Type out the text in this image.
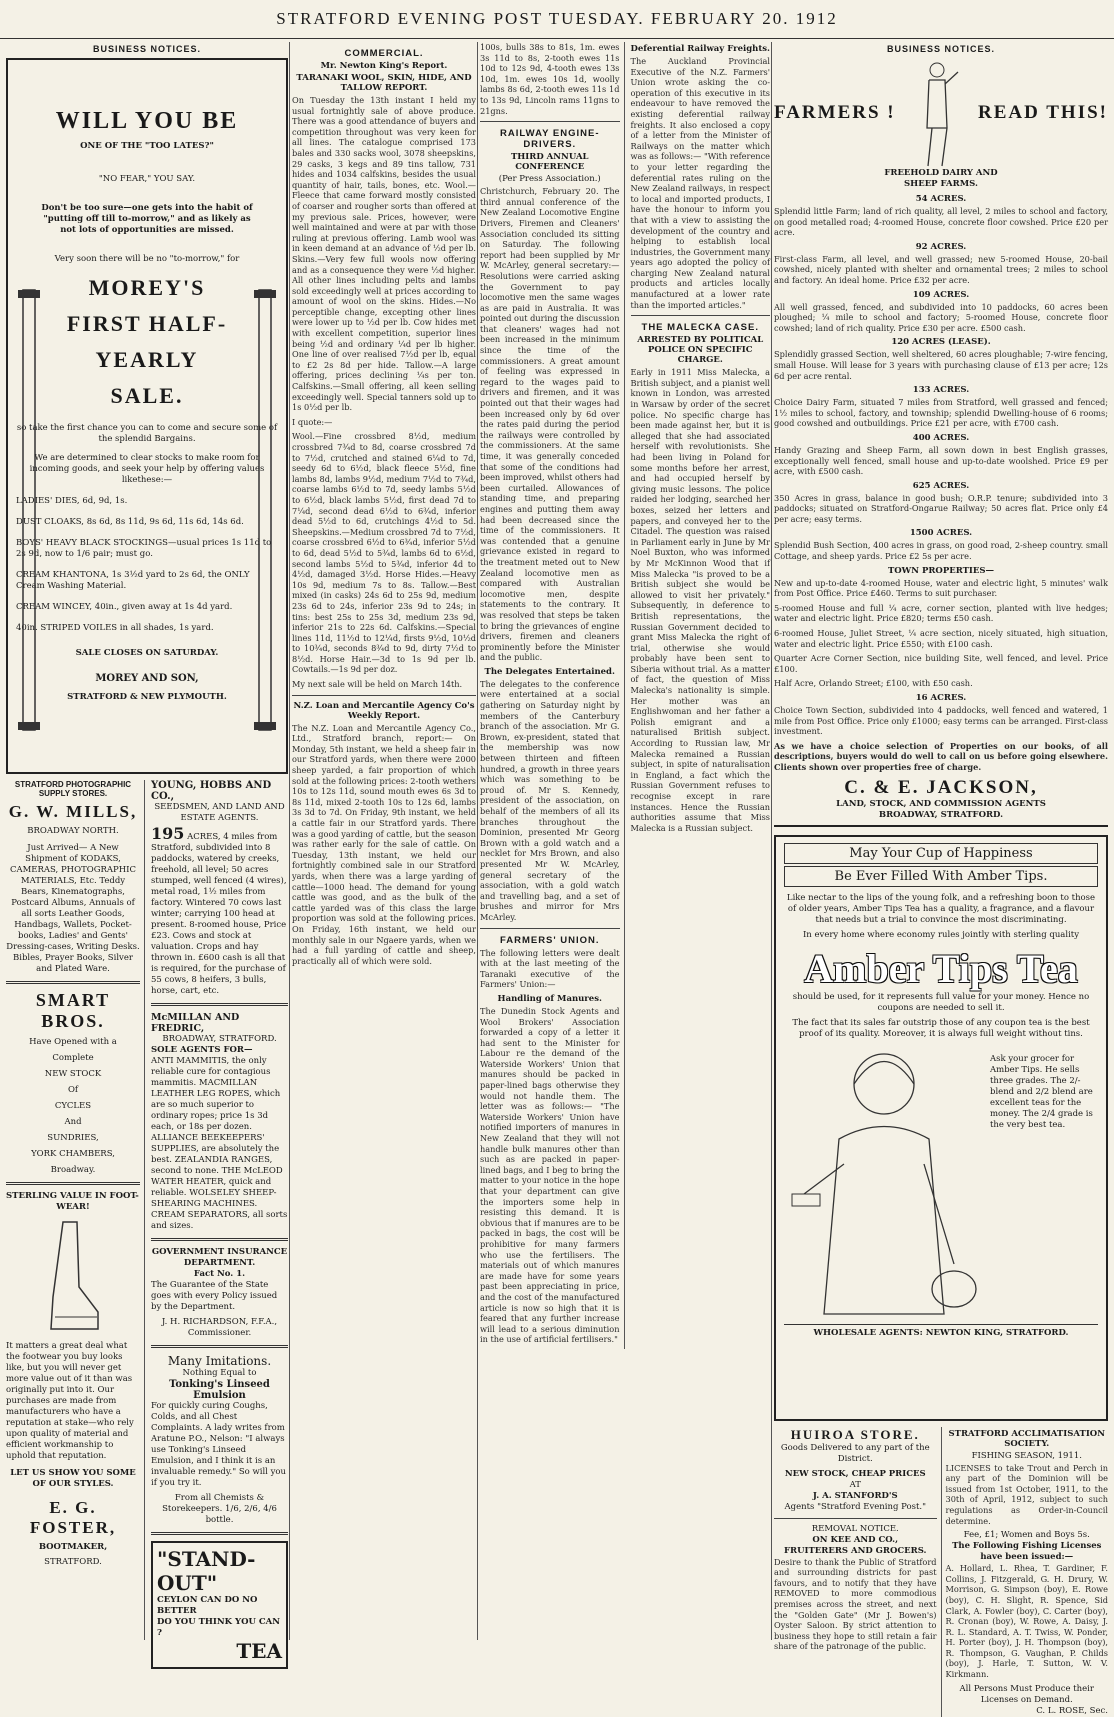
STRATFORD EVENING POST TUESDAY. FEBRUARY 20. 1912
BUSINESS NOTICES.
WILL YOU BE
ONE OF THE "TOO LATES?"
"NO FEAR," YOU SAY.
Don't be too sure—one gets into the habit of "putting off till to-morrow," and as likely as not lots of opportunities are missed.
Very soon there will be no "to-morrow," for
MOREY'S
FIRST HALF-
YEARLY
SALE.

so take the first chance you can to come and secure some of the splendid Bargains.

We are determined to clear stocks to make room for incoming goods, and seek your help by offering values likethese:—

LADIES' DIES, 6d, 9d, 1s.
DUST CLOAKS, 8s 6d, 8s 11d, 9s 6d, 11s 6d, 14s 6d.
BOYS' HEAVY BLACK STOCKINGS—usual prices 1s 11d to 2s 9d, now to 1/6 pair; must go.
CREAM KHANTONA, 1s 3½d yard to 2s 6d, the ONLY Cream Washing Material.
CREAM WINCEY, 40in., given away at 1s 4d yard.
40in. STRIPED VOILES in all shades, 1s yard.
SALE CLOSES ON SATURDAY.
MOREY AND SON,
STRATFORD & NEW PLYMOUTH.
STRATFORD PHOTOGRAPHIC SUPPLY STORES.
G. W. MILLS,
BROADWAY NORTH.

Just Arrived— A New Shipment of KODAKS, CAMERAS, PHOTOGRAPHIC MATERIALS, Etc. Teddy Bears, Kinematographs, Postcard Albums, Annuals of all sorts Leather Goods, Handbags, Wallets, Pocket-books, Ladies' and Gents' Dressing-cases, Writing Desks. Bibles, Prayer Books, Silver and Plated Ware.

SMART BROS.
Have Opened with a
Complete
NEW STOCK
Of
CYCLES
And
SUNDRIES,
YORK CHAMBERS,
Broadway.
STERLING VALUE IN FOOT-
WEAR!

It matters a great deal what the footwear you buy looks like, but you will never get more value out of it than was originally put into it. Our purchases are made from manufacturers who have a reputation at stake—who rely upon quality of material and efficient workmanship to uphold that reputation.

LET US SHOW YOU SOME OF OUR STYLES.
E. G. FOSTER,
BOOTMAKER,
STRATFORD.
YOUNG, HOBBS AND CO.,
SEEDSMEN, AND LAND AND ESTATE AGENTS.

195 ACRES, 4 miles from Stratford, subdivided into 8 paddocks, watered by creeks, freehold, all level; 50 acres stumped, well fenced (4 wires), metal road, 1½ miles from factory. Wintered 70 cows last winter; carrying 100 head at present. 8-roomed house, Price £23. Cows and stock at valuation. Crops and hay thrown in. £600 cash is all that is required, for the purchase of 55 cows, 8 heifers, 3 bulls, horse, cart, etc.

McMILLAN AND FREDRIC,
BROADWAY, STRATFORD.
SOLE AGENTS FOR—

ANTI MAMMITIS, the only reliable cure for contagious mammitis. MACMILLAN LEATHER LEG ROPES, which are so much superior to ordinary ropes; price 1s 3d each, or 18s per dozen. ALLIANCE BEEKEEPERS' SUPPLIES, are absolutely the best. ZEALANDIA RANGES, second to none. THE McLEOD WATER HEATER, quick and reliable. WOLSELEY SHEEP-SHEARING MACHINES. CREAM SEPARATORS, all sorts and sizes.

GOVERNMENT INSURANCE DEPARTMENT.
Fact No. 1.

The Guarantee of the State goes with every Policy issued by the Department.

J. H. RICHARDSON, F.F.A.,
Commissioner.
Many Imitations.
Nothing Equal to
Tonking's Linseed Emulsion

For quickly curing Coughs, Colds, and all Chest Complaints. A lady writes from Aratune P.O., Nelson: "I always use Tonking's Linseed Emulsion, and I think it is an invaluable remedy." So will you if you try it.

From all Chemists & Storekeepers. 1/6, 2/6, 4/6 bottle.
"STAND-
OUT"
CEYLON CAN DO NO BETTER
DO YOU THINK YOU CAN ?
TEA
COMMERCIAL.
Mr. Newton King's Report.
TARANAKI WOOL, SKIN, HIDE, AND TALLOW REPORT.

On Tuesday the 13th instant I held my usual fortnightly sale of above produce. There was a good attendance of buyers and competition throughout was very keen for all lines. The catalogue comprised 173 bales and 330 sacks wool, 3078 sheepskins, 29 casks, 3 kegs and 89 tins tallow, 731 hides and 1034 calfskins, besides the usual quantity of hair, tails, bones, etc. Wool.—Fleece that came forward mostly consisted of coarser and rougher sorts than offered at my previous sale. Prices, however, were well maintained and were at par with those ruling at previous offering. Lamb wool was in keen demand at an advance of ½d per lb. Skins.—Very few full wools now offering and as a consequence they were ½d higher. All other lines including pelts and lambs sold exceedingly well at prices according to amount of wool on the skins. Hides.—No perceptible change, excepting other lines were lower up to ½d per lb. Cow hides met with excellent competition, superior lines being ½d and ordinary ¼d per lb higher. One line of over realised 7½d per lb, equal to £2 2s 8d per hide. Tallow.—A large offering, prices declining ¼s per ton. Calfskins.—Small offering, all keen selling exceedingly well. Special tanners sold up to 1s 0½d per lb.

I quote:—

Wool.—Fine crossbred 8½d, medium crossbred 7¾d to 8d, coarse crossbred 7d to 7½d, crutched and stained 6¼d to 7d, seedy 6d to 6½d, black fleece 5½d, fine lambs 8d, lambs 9½d, medium 7½d to 7¾d, coarse lambs 6½d to 7d, seedy lambs 5½d to 6½d, black lambs 5½d, first dead 7d to 7¼d, second dead 6½d to 6¾d, inferior dead 5½d to 6d, crutchings 4½d to 5d. Sheepskins.—Medium crossbred 7d to 7½d, coarse crossbred 6½d to 6¾d, inferior 5½d to 6d, dead 5½d to 5¾d, lambs 6d to 6½d, second lambs 5½d to 5¾d, inferior 4d to 4½d, damaged 3½d. Horse Hides.—Heavy 10s 9d, medium 7s to 8s. Tallow.—Best mixed (in casks) 24s 6d to 25s 9d, medium 23s 6d to 24s, inferior 23s 9d to 24s; in tins: best 25s to 25s 3d, medium 23s 9d, inferior 21s to 22s 6d. Calfskins.—Special lines 11d, 11½d to 12¼d, firsts 9½d, 10½d to 10¾d, seconds 8¾d to 9d, dirty 7½d to 8½d. Horse Hair.—3d to 1s 9d per lb. Cowtails.—1s 9d per doz.

My next sale will be held on March 14th.

N.Z. Loan and Mercantile Agency Co's Weekly Report.

The N.Z. Loan and Mercantile Agency Co., Ltd., Stratford branch, report:— On Monday, 5th instant, we held a sheep fair in our Stratford yards, when there were 2000 sheep yarded, a fair proportion of which sold at the following prices: 2-tooth wethers 10s to 12s 11d, sound mouth ewes 6s 3d to 8s 11d, mixed 2-tooth 10s to 12s 6d, lambs 3s 3d to 7d. On Friday, 9th instant, we held a cattle fair in our Stratford yards. There was a good yarding of cattle, but the season was rather early for the sale of cattle. On Tuesday, 13th instant, we held our fortnightly combined sale in our Stratford yards, when there was a large yarding of cattle—1000 head. The demand for young cattle was good, and as the bulk of the cattle yarded was of this class the large proportion was sold at the following prices. On Friday, 16th instant, we held our monthly sale in our Ngaere yards, when we had a full yarding of cattle and sheep, practically all of which were sold.

100s, bulls 38s to 81s, 1m. ewes 3s 11d to 8s, 2-tooth ewes 11s 10d to 12s 9d, 4-tooth ewes 13s 10d, 1m. ewes 10s 1d, woolly lambs 8s 6d, 2-tooth ewes 11s 1d to 13s 9d, Lincoln rams 11gns to 21gns.

RAILWAY ENGINE-DRIVERS.
THIRD ANNUAL CONFERENCE
(Per Press Association.)

Christchurch, February 20. The third annual conference of the New Zealand Locomotive Engine Drivers, Firemen and Cleaners' Association concluded its sitting on Saturday. The following report had been supplied by Mr W. McArley, general secretary:— Resolutions were carried asking the Government to pay locomotive men the same wages as are paid in Australia. It was pointed out during the discussion that cleaners' wages had not been increased in the minimum since the time of the commissioners. A great amount of feeling was expressed in regard to the wages paid to drivers and firemen, and it was pointed out that their wages had been increased only by 6d over the rates paid during the period the railways were controlled by the commissioners. At the same time, it was generally conceded that some of the conditions had been improved, whilst others had been curtailed. Allowances of standing time, and preparing engines and putting them away had been decreased since the time of the commissioners. It was contended that a genuine grievance existed in regard to the treatment meted out to New Zealand locomotive men as compared with Australian locomotive men, despite statements to the contrary. It was resolved that steps be taken to bring the grievances of engine drivers, firemen and cleaners prominently before the Minister and the public.

The Delegates Entertained.

The delegates to the conference were entertained at a social gathering on Saturday night by members of the Canterbury branch of the association. Mr G. Brown, ex-president, stated that the membership was now between thirteen and fifteen hundred, a growth in three years which was something to be proud of. Mr S. Kennedy, president of the association, on behalf of the members of all its branches throughout the Dominion, presented Mr Georg Brown with a gold watch and a necklet for Mrs Brown, and also presented Mr W. McArley, general secretary of the association, with a gold watch and travelling bag, and a set of brushes and mirror for Mrs McArley.

FARMERS' UNION.

The following letters were dealt with at the last meeting of the Taranaki executive of the Farmers' Union:—

Handling of Manures.

The Dunedin Stock Agents and Wool Brokers' Association forwarded a copy of a letter it had sent to the Minister for Labour re the demand of the Waterside Workers' Union that manures should be packed in paper-lined bags otherwise they would not handle them. The letter was as follows:— "The Waterside Workers' Union have notified importers of manures in New Zealand that they will not handle bulk manures other than such as are packed in paper-lined bags, and I beg to bring the matter to your notice in the hope that your department can give the importers some help in resisting this demand. It is obvious that if manures are to be packed in bags, the cost will be prohibitive for many farmers who use the fertilisers. The materials out of which manures are made have for some years past been appreciating in price, and the cost of the manufactured article is now so high that it is feared that any further increase will lead to a serious diminution in the use of artificial fertilisers."

Deferential Railway Freights.

The Auckland Provincial Executive of the N.Z. Farmers' Union wrote asking the co-operation of this executive in its endeavour to have removed the existing deferential railway freights. It also enclosed a copy of a letter from the Minister of Railways on the matter which was as follows:— "With reference to your letter regarding the deferential rates ruling on the New Zealand railways, in respect to local and imported products, I have the honour to inform you that with a view to assisting the development of the country and helping to establish local industries, the Government many years ago adopted the policy of charging New Zealand natural products and articles locally manufactured at a lower rate than the imported articles."

THE MALECKA CASE.
ARRESTED BY POLITICAL POLICE ON SPECIFIC CHARGE.

Early in 1911 Miss Malecka, a British subject, and a pianist well known in London, was arrested in Warsaw by order of the secret police. No specific charge has been made against her, but it is alleged that she had associated herself with revolutionists. She had been living in Poland for some months before her arrest, and had occupied herself by giving music lessons. The police raided her lodging, searched her boxes, seized her letters and papers, and conveyed her to the Citadel. The question was raised in Parliament early in June by Mr Noel Buxton, who was informed by Mr McKinnon Wood that if Miss Malecka "is proved to be a British subject she would be allowed to visit her privately." Subsequently, in deference to British representations, the Russian Government decided to grant Miss Malecka the right of trial, otherwise she would probably have been sent to Siberia without trial. As a matter of fact, the question of Miss Malecka's nationality is simple. Her mother was an Englishwoman and her father a Polish emigrant and a naturalised British subject. According to Russian law, Mr Malecka remained a Russian subject, in spite of naturalisation in England, a fact which the Russian Government refuses to recognise except in rare instances. Hence the Russian authorities assume that Miss Malecka is a Russian subject.

BUSINESS NOTICES.
FARMERS !	READ THIS!
FREEHOLD DAIRY AND
SHEEP FARMS.
54 ACRES.

Splendid little Farm; land of rich quality, all level, 2 miles to school and factory, on good metalled road; 4-roomed House, concrete floor cowshed. Price £20 per acre.

92 ACRES.

First-class Farm, all level, and well grassed; new 5-roomed House, 20-bail cowshed, nicely planted with shelter and ornamental trees; 2 miles to school and factory. An ideal home. Price £32 per acre.

109 ACRES.

All well grassed, fenced, and subdivided into 10 paddocks, 60 acres been ploughed; ¼ mile to school and factory; 5-roomed House, concrete floor cowshed; land of rich quality. Price £30 per acre. £500 cash.

120 ACRES (LEASE).

Splendidly grassed Section, well sheltered, 60 acres ploughable; 7-wire fencing, small House. Will lease for 3 years with purchasing clause of £13 per acre; 12s 6d per acre rental.

133 ACRES.

Choice Dairy Farm, situated 7 miles from Stratford, well grassed and fenced; 1½ miles to school, factory, and township; splendid Dwelling-house of 6 rooms; good cowshed and outbuildings. Price £21 per acre, with £700 cash.

400 ACRES.

Handy Grazing and Sheep Farm, all sown down in best English grasses, exceptionally well fenced, small house and up-to-date woolshed. Price £9 per acre, with £500 cash.

625 ACRES.

350 Acres in grass, balance in good bush; O.R.P. tenure; subdivided into 3 paddocks; situated on Stratford-Ongarue Railway; 50 acres flat. Price only £4 per acre; easy terms.

1500 ACRES.

Splendid Bush Section, 400 acres in grass, on good road, 2-sheep country. small Cottage, and sheep yards. Price £2 5s per acre.

TOWN PROPERTIES—

New and up-to-date 4-roomed House, water and electric light, 5 minutes' walk from Post Office. Price £460. Terms to suit purchaser.

5-roomed House and full ¼ acre, corner section, planted with live hedges; water and electric light. Price £820; terms £50 cash.

6-roomed House, Juliet Street, ¼ acre section, nicely situated, high situation, water and electric light. Price £550; with £100 cash.

Quarter Acre Corner Section, nice building Site, well fenced, and level. Price £100.

Half Acre, Orlando Street; £100, with £50 cash.

16 ACRES.

Choice Town Section, subdivided into 4 paddocks, well fenced and watered, 1 mile from Post Office. Price only £1000; easy terms can be arranged. First-class investment.

As we have a choice selection of Properties on our books, of all descriptions, buyers would do well to call on us before going elsewhere. Clients shown over properties free of charge.

C. & E. JACKSON,
LAND, STOCK, AND COMMISSION AGENTS
BROADWAY, STRATFORD.
May Your Cup of Happiness
Be Ever Filled With Amber Tips.

Like nectar to the lips of the young folk, and a refreshing boon to those of older years, Amber Tips Tea has a quality, a fragrance, and a flavour that needs but a trial to convince the most discriminating.

In every home where economy rules jointly with sterling quality

Amber Tips Tea

should be used, for it represents full value for your money. Hence no coupons are needed to sell it.

The fact that its sales far outstrip those of any coupon tea is the best proof of its quality. Moreover, it is always full weight without tins.

Ask your grocer for Amber Tips. He sells three grades. The 2/- blend and 2/2 blend are excellent teas for the money. The 2/4 grade is the very best tea.

WHOLESALE AGENTS: NEWTON KING, STRATFORD.
HUIROA STORE.

Goods Delivered to any part of the District.

NEW STOCK, CHEAP PRICES
AT
J. A. STANFORD'S
Agents "Stratford Evening Post."
REMOVAL NOTICE.
ON KEE AND CO.,
FRUITERERS AND GROCERS.

Desire to thank the Public of Stratford and surrounding districts for past favours, and to notify that they have REMOVED to more commodious premises across the street, and next the "Golden Gate" (Mr J. Bowen's) Oyster Saloon. By strict attention to business they hope to still retain a fair share of the patronage of the public.

STRATFORD ACCLIMATISATION SOCIETY.
FISHING SEASON, 1911.

LICENSES to take Trout and Perch in any part of the Dominion will be issued from 1st October, 1911, to the 30th of April, 1912, subject to such regulations as Order-in-Council determine.

Fee, £1; Women and Boys 5s.
The Following Fishing Licenses have been issued:—

A. Hollard, L. Rhea, T. Gardiner, F. Collins, J. Fitzgerald, G. H. Drury, W. Morrison, G. Simpson (boy), E. Rowe (boy), C. H. Slight, R. Spence, Sid Clark, A. Fowler (boy), C. Carter (boy), R. Cronan (boy), W. Rowe, A. Daisy, J. R. L. Standard, A. T. Twiss, W. Ponder, H. Porter (boy), J. H. Thompson (boy), R. Thompson, G. Vaughan, P. Childs (boy), J. Harle, T. Sutton, W. V. Kirkmann.

All Persons Must Produce their Licenses on Demand.
C. L. ROSE, Sec.
